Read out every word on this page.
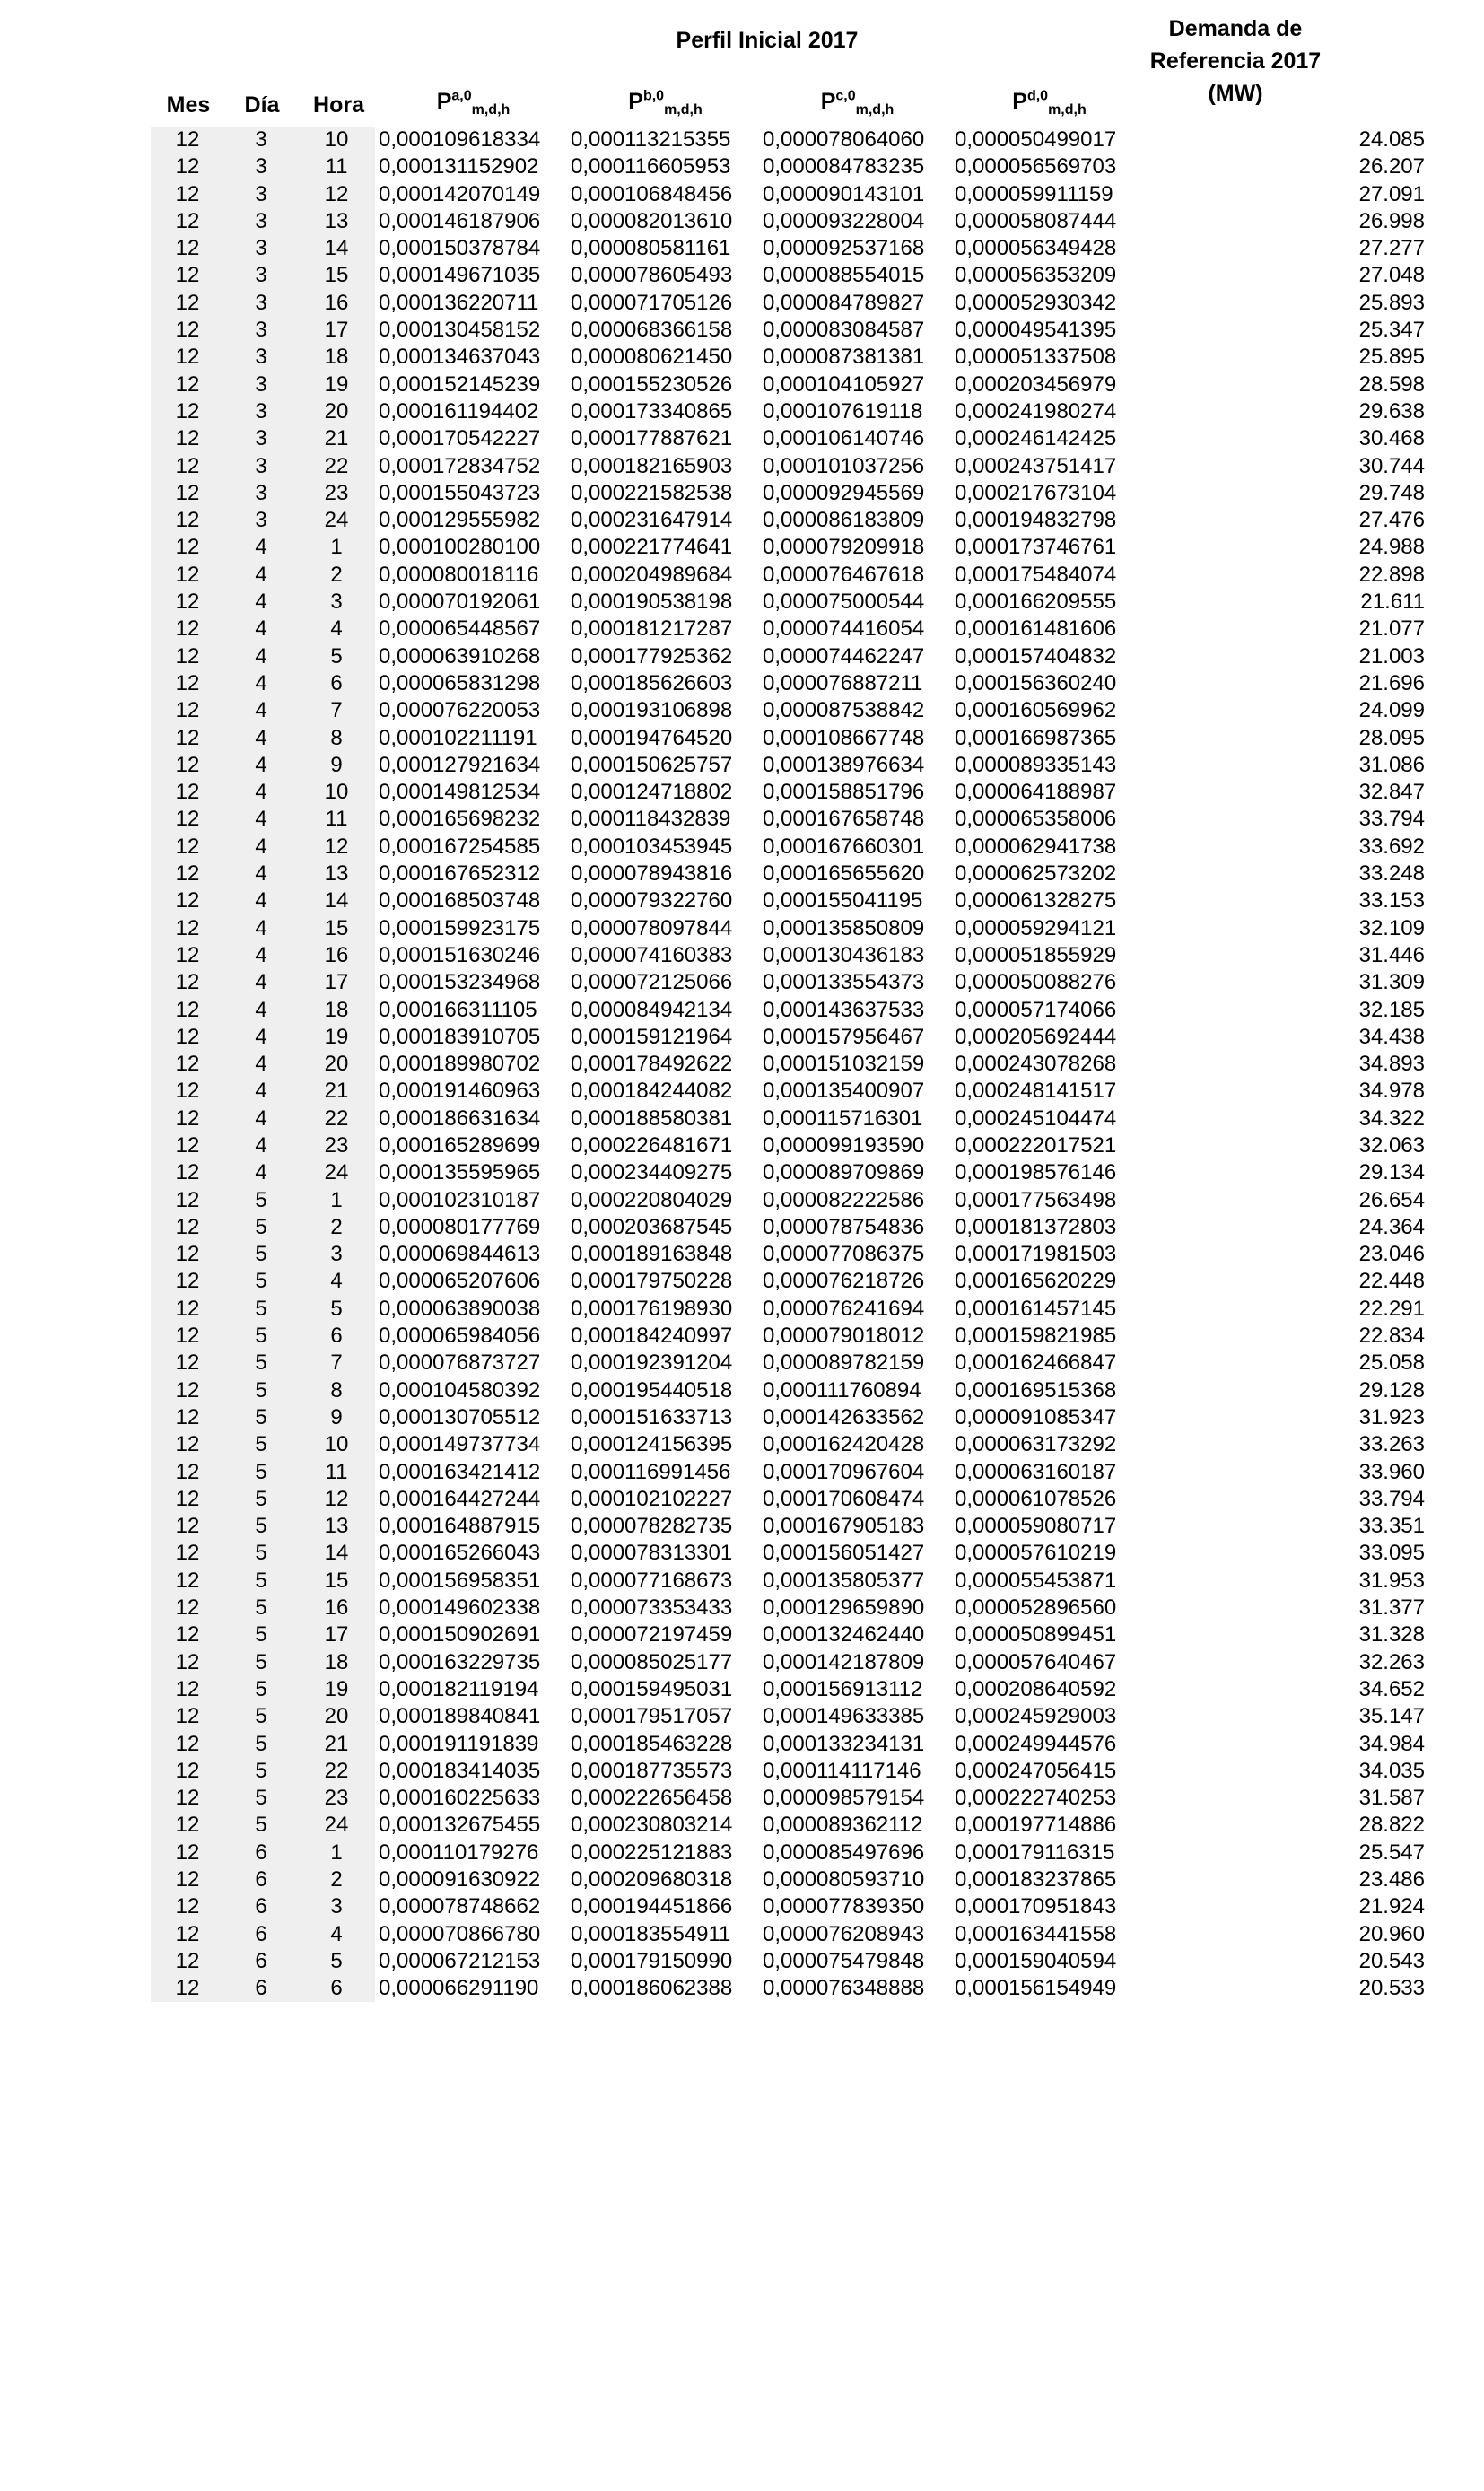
Perfil Inicial 2017
Mes	Día	Hora	P$^{a,0}_{m,d,h}$	P$^{b,0}_{m,d,h}$	P$^{c,0}_{m,d,h}$	P$^{d,0}_{m,d,h}$
Demanda de
Referencia 2017
(MW)
12	3	10	0,000109618334	0,000113215355	0,000078064060	0,000050499017	24.085
12	3	11	0,000131152902	0,000116605953	0,000084783235	0,000056569703	26.207
12	3	12	0,000142070149	0,000106848456	0,000090143101	0,000059911159	27.091
12	3	13	0,000146187906	0,000082013610	0,000093228004	0,000058087444	26.998
12	3	14	0,000150378784	0,000080581161	0,000092537168	0,000056349428	27.277
12	3	15	0,000149671035	0,000078605493	0,000088554015	0,000056353209	27.048
12	3	16	0,000136220711	0,000071705126	0,000084789827	0,000052930342	25.893
12	3	17	0,000130458152	0,000068366158	0,000083084587	0,000049541395	25.347
12	3	18	0,000134637043	0,000080621450	0,000087381381	0,000051337508	25.895
12	3	19	0,000152145239	0,000155230526	0,000104105927	0,000203456979	28.598
12	3	20	0,000161194402	0,000173340865	0,000107619118	0,000241980274	29.638
12	3	21	0,000170542227	0,000177887621	0,000106140746	0,000246142425	30.468
12	3	22	0,000172834752	0,000182165903	0,000101037256	0,000243751417	30.744
12	3	23	0,000155043723	0,000221582538	0,000092945569	0,000217673104	29.748
12	3	24	0,000129555982	0,000231647914	0,000086183809	0,000194832798	27.476
12	4	1	0,000100280100	0,000221774641	0,000079209918	0,000173746761	24.988
12	4	2	0,000080018116	0,000204989684	0,000076467618	0,000175484074	22.898
12	4	3	0,000070192061	0,000190538198	0,000075000544	0,000166209555	21.611
12	4	4	0,000065448567	0,000181217287	0,000074416054	0,000161481606	21.077
12	4	5	0,000063910268	0,000177925362	0,000074462247	0,000157404832	21.003
12	4	6	0,000065831298	0,000185626603	0,000076887211	0,000156360240	21.696
12	4	7	0,000076220053	0,000193106898	0,000087538842	0,000160569962	24.099
12	4	8	0,000102211191	0,000194764520	0,000108667748	0,000166987365	28.095
12	4	9	0,000127921634	0,000150625757	0,000138976634	0,000089335143	31.086
12	4	10	0,000149812534	0,000124718802	0,000158851796	0,000064188987	32.847
12	4	11	0,000165698232	0,000118432839	0,000167658748	0,000065358006	33.794
12	4	12	0,000167254585	0,000103453945	0,000167660301	0,000062941738	33.692
12	4	13	0,000167652312	0,000078943816	0,000165655620	0,000062573202	33.248
12	4	14	0,000168503748	0,000079322760	0,000155041195	0,000061328275	33.153
12	4	15	0,000159923175	0,000078097844	0,000135850809	0,000059294121	32.109
12	4	16	0,000151630246	0,000074160383	0,000130436183	0,000051855929	31.446
12	4	17	0,000153234968	0,000072125066	0,000133554373	0,000050088276	31.309
12	4	18	0,000166311105	0,000084942134	0,000143637533	0,000057174066	32.185
12	4	19	0,000183910705	0,000159121964	0,000157956467	0,000205692444	34.438
12	4	20	0,000189980702	0,000178492622	0,000151032159	0,000243078268	34.893
12	4	21	0,000191460963	0,000184244082	0,000135400907	0,000248141517	34.978
12	4	22	0,000186631634	0,000188580381	0,000115716301	0,000245104474	34.322
12	4	23	0,000165289699	0,000226481671	0,000099193590	0,000222017521	32.063
12	4	24	0,000135595965	0,000234409275	0,000089709869	0,000198576146	29.134
12	5	1	0,000102310187	0,000220804029	0,000082222586	0,000177563498	26.654
12	5	2	0,000080177769	0,000203687545	0,000078754836	0,000181372803	24.364
12	5	3	0,000069844613	0,000189163848	0,000077086375	0,000171981503	23.046
12	5	4	0,000065207606	0,000179750228	0,000076218726	0,000165620229	22.448
12	5	5	0,000063890038	0,000176198930	0,000076241694	0,000161457145	22.291
12	5	6	0,000065984056	0,000184240997	0,000079018012	0,000159821985	22.834
12	5	7	0,000076873727	0,000192391204	0,000089782159	0,000162466847	25.058
12	5	8	0,000104580392	0,000195440518	0,000111760894	0,000169515368	29.128
12	5	9	0,000130705512	0,000151633713	0,000142633562	0,000091085347	31.923
12	5	10	0,000149737734	0,000124156395	0,000162420428	0,000063173292	33.263
12	5	11	0,000163421412	0,000116991456	0,000170967604	0,000063160187	33.960
12	5	12	0,000164427244	0,000102102227	0,000170608474	0,000061078526	33.794
12	5	13	0,000164887915	0,000078282735	0,000167905183	0,000059080717	33.351
12	5	14	0,000165266043	0,000078313301	0,000156051427	0,000057610219	33.095
12	5	15	0,000156958351	0,000077168673	0,000135805377	0,000055453871	31.953
12	5	16	0,000149602338	0,000073353433	0,000129659890	0,000052896560	31.377
12	5	17	0,000150902691	0,000072197459	0,000132462440	0,000050899451	31.328
12	5	18	0,000163229735	0,000085025177	0,000142187809	0,000057640467	32.263
12	5	19	0,000182119194	0,000159495031	0,000156913112	0,000208640592	34.652
12	5	20	0,000189840841	0,000179517057	0,000149633385	0,000245929003	35.147
12	5	21	0,000191191839	0,000185463228	0,000133234131	0,000249944576	34.984
12	5	22	0,000183414035	0,000187735573	0,000114117146	0,000247056415	34.035
12	5	23	0,000160225633	0,000222656458	0,000098579154	0,000222740253	31.587
12	5	24	0,000132675455	0,000230803214	0,000089362112	0,000197714886	28.822
12	6	1	0,000110179276	0,000225121883	0,000085497696	0,000179116315	25.547
12	6	2	0,000091630922	0,000209680318	0,000080593710	0,000183237865	23.486
12	6	3	0,000078748662	0,000194451866	0,000077839350	0,000170951843	21.924
12	6	4	0,000070866780	0,000183554911	0,000076208943	0,000163441558	20.960
12	6	5	0,000067212153	0,000179150990	0,000075479848	0,000159040594	20.543
12	6	6	0,000066291190	0,000186062388	0,000076348888	0,000156154949	20.533
